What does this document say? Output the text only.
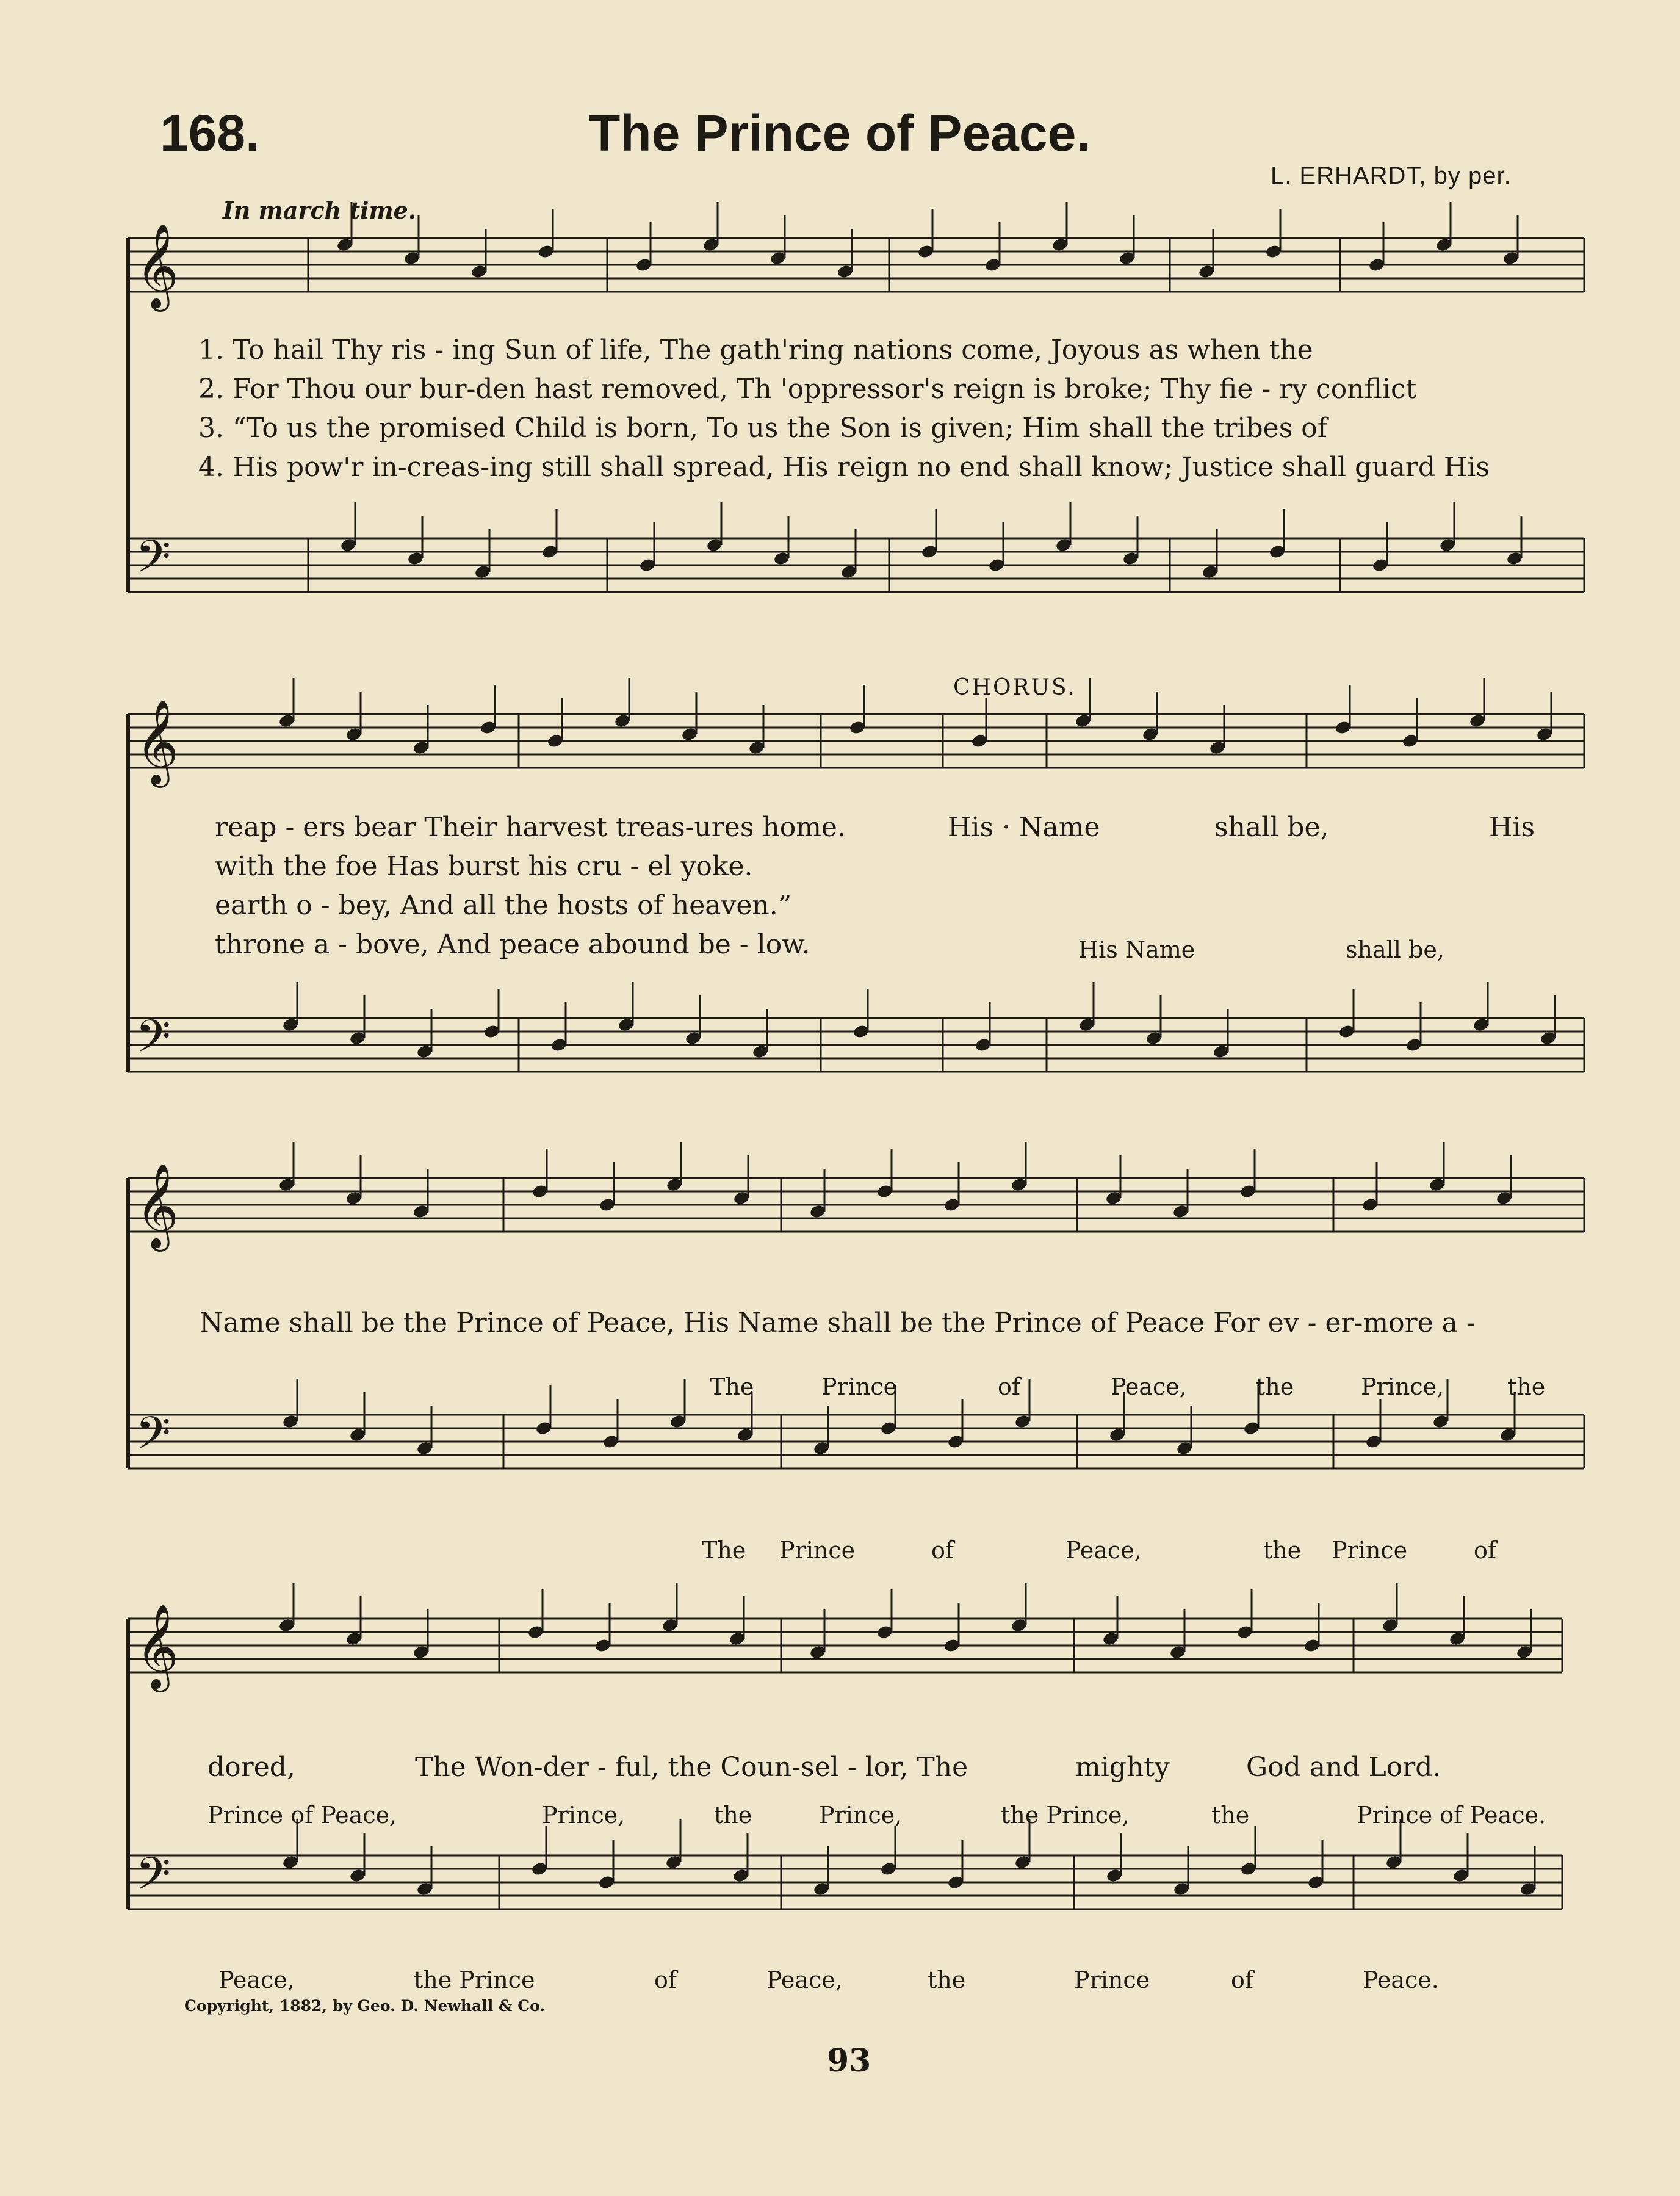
168.	The Prince of Peace.
L. ERHARDT, by per.
In march time.
𝄞
𝄢
𝄞
𝄢
𝄞
𝄢
𝄞
𝄢
1. To hail Thy ris - ing Sun of life, The gath'ring nations come, Joyous as when the
2. For Thou our bur-den hast removed, Th 'oppressor's reign is broke; Thy fie - ry conflict
3. “To us the promised Child is born, To us the Son is given; Him shall the tribes of
4. His pow'r in-creas-ing still shall spread, His reign no end shall know; Justice shall guard His
CHORUS.
reap - ers bear Their harvest treas-ures home.
with the foe Has burst his cru - el yoke.
earth o - bey, And all the hosts of heaven.”
throne a - bove, And peace abound be - low.
His · Name	shall be,	His
His Name	shall be,
Name shall be the Prince of Peace, His Name shall be the Prince of Peace For ev - er-more a -
The	Prince	of	Peace,	the	Prince,	the
The Prince	of	Peace,	the Prince	of
dored,	The Won-der - ful, the Coun-sel - lor, The	mighty	God and Lord.
Prince of Peace,	Prince,	the	Prince,	the Prince,	the	Prince of Peace.
Peace,	the Prince	of	Peace,	the	Prince	of	Peace.
Copyright, 1882, by Geo. D. Newhall & Co.
93
